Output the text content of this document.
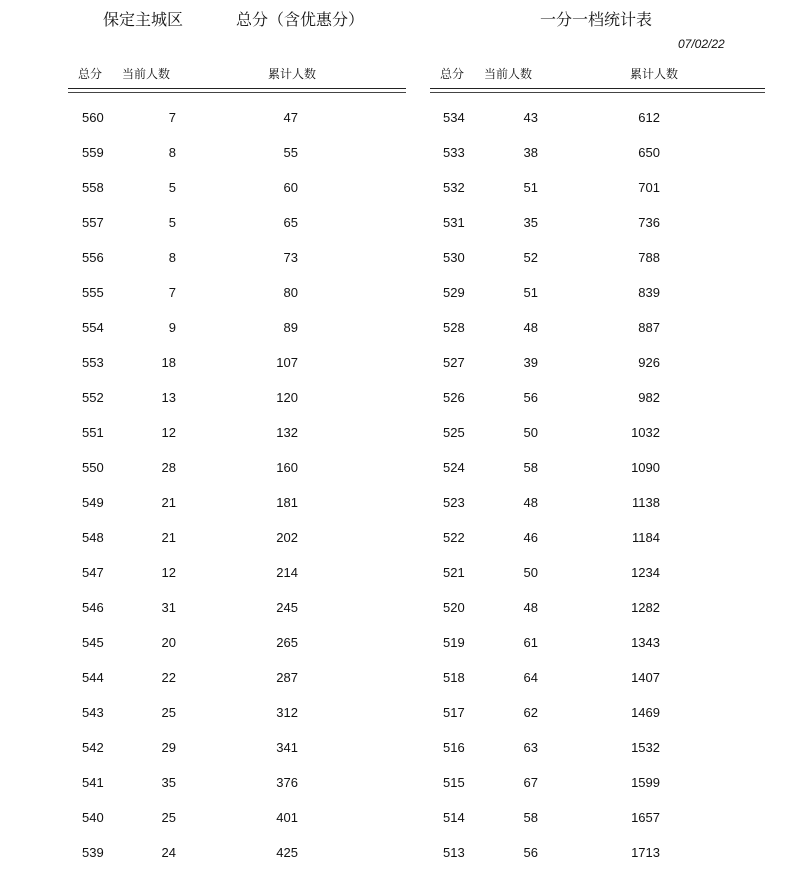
保定主城区	总分（含优惠分）	一分一档统计表
07/02/22
总分 当前人数	累计人数	总分 当前人数	累计人数
560	7	47
559	8	55
558	5	60
557	5	65
556	8	73
555	7	80
554	9	89
553	18	107
552	13	120
551	12	132
550	28	160
549	21	181
548	21	202
547	12	214
546	31	245
545	20	265
544	22	287
543	25	312
542	29	341
541	35	376
540	25	401
539	24	425
534	43	612
533	38	650
532	51	701
531	35	736
530	52	788
529	51	839
528	48	887
527	39	926
526	56	982
525	50	1032
524	58	1090
523	48	1138
522	46	1184
521	50	1234
520	48	1282
519	61	1343
518	64	1407
517	62	1469
516	63	1532
515	67	1599
514	58	1657
513	56	1713
